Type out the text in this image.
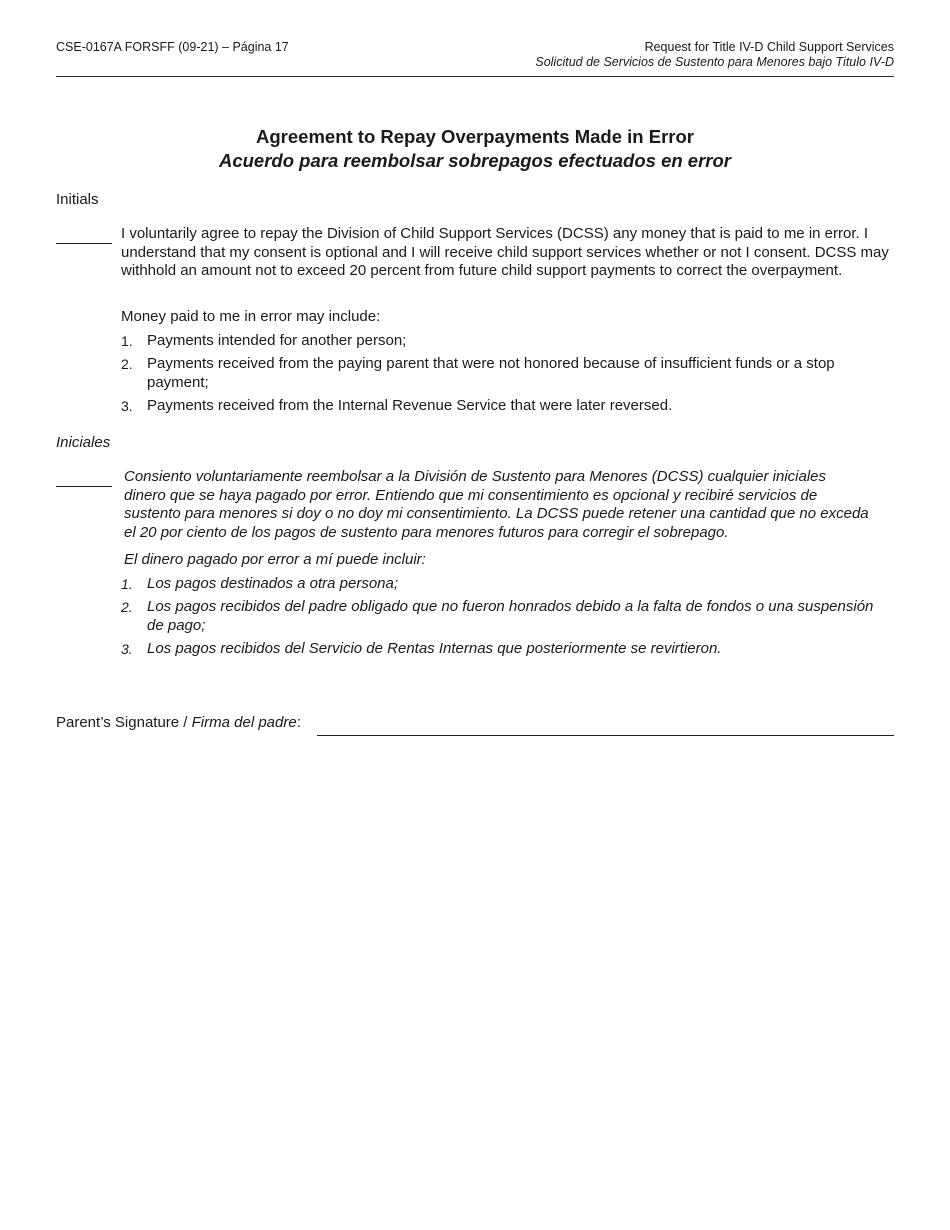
CSE-0167A FORSFF (09-21) – Página 17	Request for Title IV-D Child Support Services
Solicitud de Servicios de Sustento para Menores bajo Titulo IV-D
Agreement to Repay Overpayments Made in Error
Acuerdo para reembolsar sobrepagos efectuados en error
Initials
I voluntarily agree to repay the Division of Child Support Services (DCSS) any money that is paid to me in error. I understand that my consent is optional and I will receive child support services whether or not I consent. DCSS may withhold an amount not to exceed 20 percent from future child support payments to correct the overpayment.
Money paid to me in error may include:
1. Payments intended for another person;
2. Payments received from the paying parent that were not honored because of insufficient funds or a stop payment;
3. Payments received from the Internal Revenue Service that were later reversed.
Iniciales
Consiento voluntariamente reembolsar a la División de Sustento para Menores (DCSS) cualquier iniciales dinero que se haya pagado por error. Entiendo que mi consentimiento es opcional y recibiré servicios de sustento para menores si doy o no doy mi consentimiento. La DCSS puede retener una cantidad que no exceda el 20 por ciento de los pagos de sustento para menores futuros para corregir el sobrepago.
El dinero pagado por error a mí puede incluir:
1. Los pagos destinados a otra persona;
2. Los pagos recibidos del padre obligado que no fueron honrados debido a la falta de fondos o una suspensión de pago;
3. Los pagos recibidos del Servicio de Rentas Internas que posteriormente se revirtieron.
Parent’s Signature / Firma del padre:
